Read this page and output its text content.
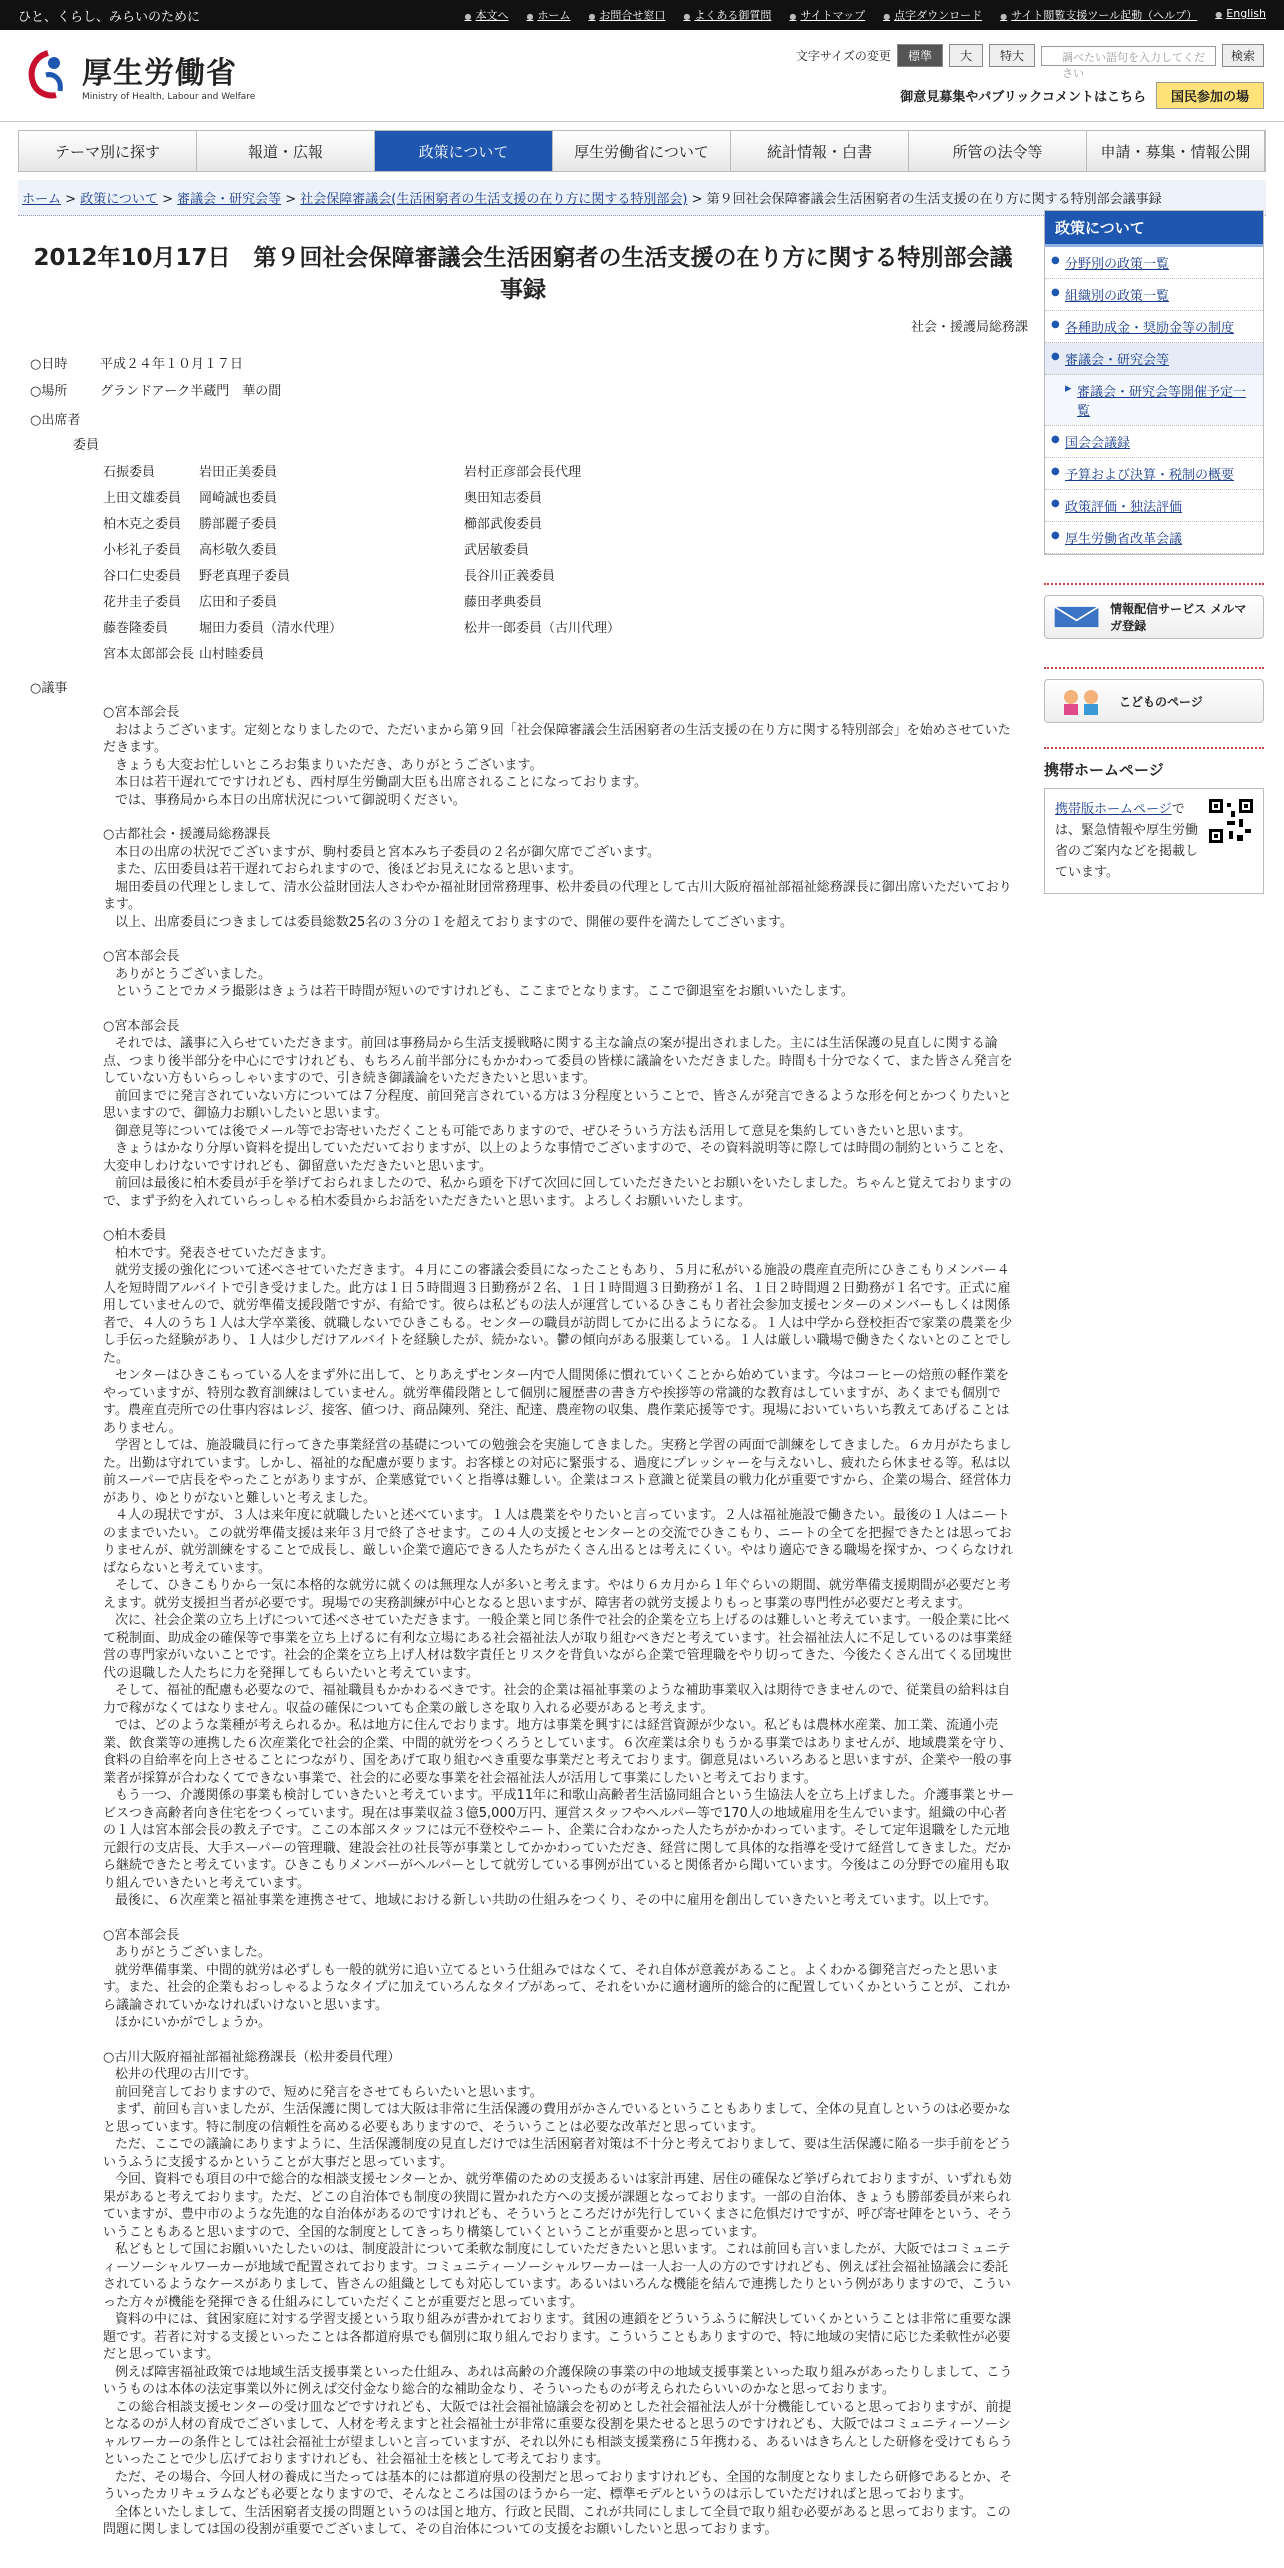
ひと、くらし、みらいのために	● 本文へ	● ホーム	● お問合せ窓口	● よくある御質問	● サイトマップ	● 点字ダウンロード	● サイト閲覧支援ツール起動（ヘルプ）	● English
厚生労働省
Ministry of Health, Labour and Welfare
文字サイズの変更	標準	大	特大	調べたい語句を入力してください
検索
御意見募集やパブリックコメントはこちら	国民参加の場
テーマ別に探す	報道・広報	政策について	厚生労働省について	統計情報・白書	所管の法令等	申請・募集・情報公開
ホーム > 政策について > 審議会・研究会等 > 社会保障審議会(生活困窮者の生活支援の在り方に関する特別部会) > 第９回社会保障審議会生活困窮者の生活支援の在り方に関する特別部会議事録
2012年10月17日　第９回社会保障審議会生活困窮者の生活支援の在り方に関する特別部会議事録
社会・援護局総務課
○ 日時	平成２４年１０月１７日
○ 場所	グランドアーク半蔵門　華の間
○ 出席者
委員
石振委員	岩田正美委員	岩村正彦部会長代理
上田文雄委員	岡崎誠也委員	奥田知志委員
柏木克之委員	勝部麗子委員	櫛部武俊委員
小杉礼子委員	高杉敬久委員	武居敏委員
谷口仁史委員	野老真理子委員	長谷川正義委員
花井圭子委員	広田和子委員	藤田孝典委員
藤巻隆委員	堀田力委員（清水代理）	松井一郎委員（古川代理）
宮本太郎部会長	山村睦委員	
○ 議事
○ 宮本部会長

おはようございます。定刻となりましたので、ただいまから第９回「社会保障審議会生活困窮者の生活支援の在り方に関する特別部会」を始めさせていただきます。

きょうも大変お忙しいところお集まりいただき、ありがとうございます。

本日は若干遅れてですけれども、西村厚生労働副大臣も出席されることになっております。

では、事務局から本日の出席状況について御説明ください。

○ 古都社会・援護局総務課長

本日の出席の状況でございますが、駒村委員と宮本みち子委員の２名が御欠席でございます。

また、広田委員は若干遅れておられますので、後ほどお見えになると思います。

堀田委員の代理としまして、清水公益財団法人さわやか福祉財団常務理事、松井委員の代理として古川大阪府福祉部福祉総務課長に御出席いただいております。

以上、出席委員につきましては委員総数25名の３分の１を超えておりますので、開催の要件を満たしてございます。

○ 宮本部会長

ありがとうございました。

ということでカメラ撮影はきょうは若干時間が短いのですけれども、ここまでとなります。ここで御退室をお願いいたします。

○ 宮本部会長

それでは、議事に入らせていただきます。前回は事務局から生活支援戦略に関する主な論点の案が提出されました。主には生活保護の見直しに関する論点、つまり後半部分を中心にですけれども、もちろん前半部分にもかかわって委員の皆様に議論をいただきました。時間も十分でなくて、また皆さん発言をしていない方もいらっしゃいますので、引き続き御議論をいただきたいと思います。

前回までに発言されていない方については７分程度、前回発言されている方は３分程度ということで、皆さんが発言できるような形を何とかつくりたいと思いますので、御協力お願いしたいと思います。

御意見等については後でメール等でお寄せいただくことも可能でありますので、ぜひそういう方法も活用して意見を集約していきたいと思います。

きょうはかなり分厚い資料を提出していただいておりますが、以上のような事情でございますので、その資料説明等に際しては時間の制約ということを、大変申しわけないですけれども、御留意いただきたいと思います。

前回は最後に柏木委員が手を挙げておられましたので、私から頭を下げて次回に回していただきたいとお願いをいたしました。ちゃんと覚えておりますので、まず予約を入れていらっしゃる柏木委員からお話をいただきたいと思います。よろしくお願いいたします。

○ 柏木委員

柏木です。発表させていただきます。

就労支援の強化について述べさせていただきます。４月にこの審議会委員になったこともあり、５月に私がいる施設の農産直売所にひきこもりメンバー４人を短時間アルバイトで引き受けました。此方は１日５時間週３日勤務が２名、１日１時間週３日勤務が１名、１日２時間週２日勤務が１名です。正式に雇用していませんので、就労準備支援段階ですが、有給です。彼らは私どもの法人が運営しているひきこもり者社会参加支援センターのメンバーもしくは関係者で、４人のうち１人は大学卒業後、就職しないでひきこもる。センターの職員が訪問してかに出るようになる。１人は中学から登校拒否で家業の農業を少し手伝った経験があり、１人は少しだけアルバイトを経験したが、続かない。鬱の傾向がある服薬している。１人は厳しい職場で働きたくないとのことでした。

センターはひきこもっている人をまず外に出して、とりあえずセンター内で人間関係に慣れていくことから始めています。今はコーヒーの焙煎の軽作業をやっていますが、特別な教育訓練はしていません。就労準備段階として個別に履歴書の書き方や挨拶等の常識的な教育はしていますが、あくまでも個別です。農産直売所での仕事内容はレジ、接客、値つけ、商品陳列、発注、配達、農産物の収集、農作業応援等です。現場においていちいち教えてあげることはありません。

学習としては、施設職員に行ってきた事業経営の基礎についての勉強会を実施してきました。実務と学習の両面で訓練をしてきました。６カ月がたちました。出勤は守れています。しかし、福祉的な配慮が要ります。お客様との対応に緊張する、過度にプレッシャーを与えないし、疲れたら休ませる等。私は以前スーパーで店長をやったことがありますが、企業感覚でいくと指導は難しい。企業はコスト意識と従業員の戦力化が重要ですから、企業の場合、経営体力があり、ゆとりがないと難しいと考えました。

４人の現状ですが、３人は来年度に就職したいと述べています。１人は農業をやりたいと言っています。２人は福祉施設で働きたい。最後の１人はニートのままでいたい。この就労準備支援は来年３月で終了させます。この４人の支援とセンターとの交流でひきこもり、ニートの全てを把握できたとは思っておりませんが、就労訓練をすることで成長し、厳しい企業で適応できる人たちがたくさん出るとは考えにくい。やはり適応できる職場を探すか、つくらなければならないと考えています。

そして、ひきこもりから一気に本格的な就労に就くのは無理な人が多いと考えます。やはり６カ月から１年ぐらいの期間、就労準備支援期間が必要だと考えます。就労支援担当者が必要です。現場での実務訓練が中心となると思いますが、障害者の就労支援よりもっと事業の専門性が必要だと考えます。

次に、社会企業の立ち上げについて述べさせていただきます。一般企業と同じ条件で社会的企業を立ち上げるのは難しいと考えています。一般企業に比べて税制面、助成金の確保等で事業を立ち上げるに有利な立場にある社会福祉法人が取り組むべきだと考えています。社会福祉法人に不足しているのは事業経営の専門家がいないことです。社会的企業を立ち上げ人材は数字責任とリスクを背負いながら企業で管理職をやり切ってきた、今後たくさん出てくる団塊世代の退職した人たちに力を発揮してもらいたいと考えています。

そして、福祉的配慮も必要なので、福祉職員もかかわるべきです。社会的企業は福祉事業のような補助事業収入は期待できませんので、従業員の給料は自力で稼がなくてはなりません。収益の確保についても企業の厳しさを取り入れる必要があると考えます。

では、どのような業種が考えられるか。私は地方に住んでおります。地方は事業を興すには経営資源が少ない。私どもは農林水産業、加工業、流通小売業、飲食業等の連携した６次産業化で社会的企業、中間的就労をつくろうとしています。６次産業は余りもうかる事業ではありませんが、地域農業を守り、食料の自給率を向上させることにつながり、国をあげて取り組むべき重要な事業だと考えております。御意見はいろいろあると思いますが、企業や一般の事業者が採算が合わなくてできない事業で、社会的に必要な事業を社会福祉法人が活用して事業にしたいと考えております。

もう一つ、介護関係の事業も検討していきたいと考えています。平成11年に和歌山高齢者生活協同組合という生協法人を立ち上げました。介護事業とサービスつき高齢者向き住宅をつくっています。現在は事業収益３億5,000万円、運営スタッフやヘルパー等で170人の地域雇用を生んでいます。組織の中心者の１人は宮本部会長の教え子です。ここの本部スタッフには元不登校やニート、企業に合わなかった人たちがかかわっています。そして定年退職をした元地元銀行の支店長、大手スーパーの管理職、建設会社の社長等が事業としてかかわっていただき、経営に関して具体的な指導を受けて経営してきました。だから継続できたと考えています。ひきこもりメンバーがヘルパーとして就労している事例が出ていると関係者から聞いています。今後はこの分野での雇用も取り組んでいきたいと考えています。

最後に、６次産業と福祉事業を連携させて、地域における新しい共助の仕組みをつくり、その中に雇用を創出していきたいと考えています。以上です。

○ 宮本部会長

ありがとうございました。

就労準備事業、中間的就労は必ずしも一般的就労に追い立てるという仕組みではなくて、それ自体が意義があること。よくわかる御発言だったと思います。また、社会的企業もおっしゃるようなタイプに加えていろんなタイプがあって、それをいかに適材適所的総合的に配置していくかということが、これから議論されていかなければいけないと思います。

ほかにいかがでしょうか。

○ 古川大阪府福祉部福祉総務課長（松井委員代理）

松井の代理の古川です。

前回発言しておりますので、短めに発言をさせてもらいたいと思います。

まず、前回も言いましたが、生活保護に関しては大阪は非常に生活保護の費用がかさんでいるということもありまして、全体の見直しというのは必要かなと思っています。特に制度の信頼性を高める必要もありますので、そういうことは必要な改革だと思っています。

ただ、ここでの議論にありますように、生活保護制度の見直しだけでは生活困窮者対策は不十分と考えておりまして、要は生活保護に陥る一歩手前をどういうふうに支援するかということが大事だと思っています。

今回、資料でも項目の中で総合的な相談支援センターとか、就労準備のための支援あるいは家計再建、居住の確保など挙げられておりますが、いずれも効果があると考えております。ただ、どこの自治体でも制度の狭間に置かれた方への支援が課題となっております。一部の自治体、きょうも勝部委員が来られていますが、豊中市のような先進的な自治体があるのですけれども、そういうところだけが先行していくまさに危惧だけですが、呼び寄せ陣をという、そういうこともあると思いますので、全国的な制度としてきっちり構築していくということが重要かと思っています。

私どもとして国にお願いいたしたいのは、制度設計について柔軟な制度にしていただきたいと思います。これは前回も言いましたが、大阪ではコミュニティーソーシャルワーカーが地域で配置されております。コミュニティーソーシャルワーカーは一人お一人の方のですけれども、例えば社会福祉協議会に委託されているようなケースがありまして、皆さんの組織としても対応しています。あるいはいろんな機能を結んで連携したりという例がありますので、こういった方々が機能を発揮できる仕組みにしていただくことが重要だと思っています。

資料の中には、貧困家庭に対する学習支援という取り組みが書かれております。貧困の連鎖をどういうふうに解決していくかということは非常に重要な課題です。若者に対する支援といったことは各都道府県でも個別に取り組んでおります。こういうこともありますので、特に地域の実情に応じた柔軟性が必要だと思っています。

例えば障害福祉政策では地域生活支援事業といった仕組み、あれは高齢の介護保険の事業の中の地域支援事業といった取り組みがあったりしまして、こういうものは本体の法定事業以外に例えば交付金なり総合的な補助金なり、そういったものが考えられたらいいのかなと思っております。

この総合相談支援センターの受け皿などですけれども、大阪では社会福祉協議会を初めとした社会福祉法人が十分機能していると思っておりますが、前提となるのが人材の育成でございまして、人材を考えますと社会福祉士が非常に重要な役割を果たせると思うのですけれども、大阪ではコミュニティーソーシャルワーカーの条件としては社会福祉士が望ましいと言っていますが、それ以外にも相談支援業務に５年携わる、あるいはきちんとした研修を受けてもらうといったことで少し広げておりますけれども、社会福祉士を核として考えております。

ただ、その場合、今回人材の養成に当たっては基本的には都道府県の役割だと思っておりますけれども、全国的な制度となりましたら研修であるとか、そういったカリキュラムなども必要となりますので、そんなところは国のほうから一定、標準モデルというのは示していただければと思っております。

全体といたしまして、生活困窮者支援の問題というのは国と地方、行政と民間、これが共同にしまして全員で取り組む必要があると思っております。この問題に関しましては国の役割が重要でございまして、その自治体についての支援をお願いしたいと思っております。

政策について
● 分野別の政策一覧
● 組織別の政策一覧
● 各種助成金・奨励金等の制度
● 審議会・研究会等
▸ 審議会・研究会等開催予定一覧
● 国会会議録
● 予算および決算・税制の概要
● 政策評価・独法評価
● 厚生労働省改革会議
情報配信サービス メルマガ登録
こどものページ
携帯ホームページ
携帯版ホームページでは、緊急情報や厚生労働省のご案内などを掲載しています。
